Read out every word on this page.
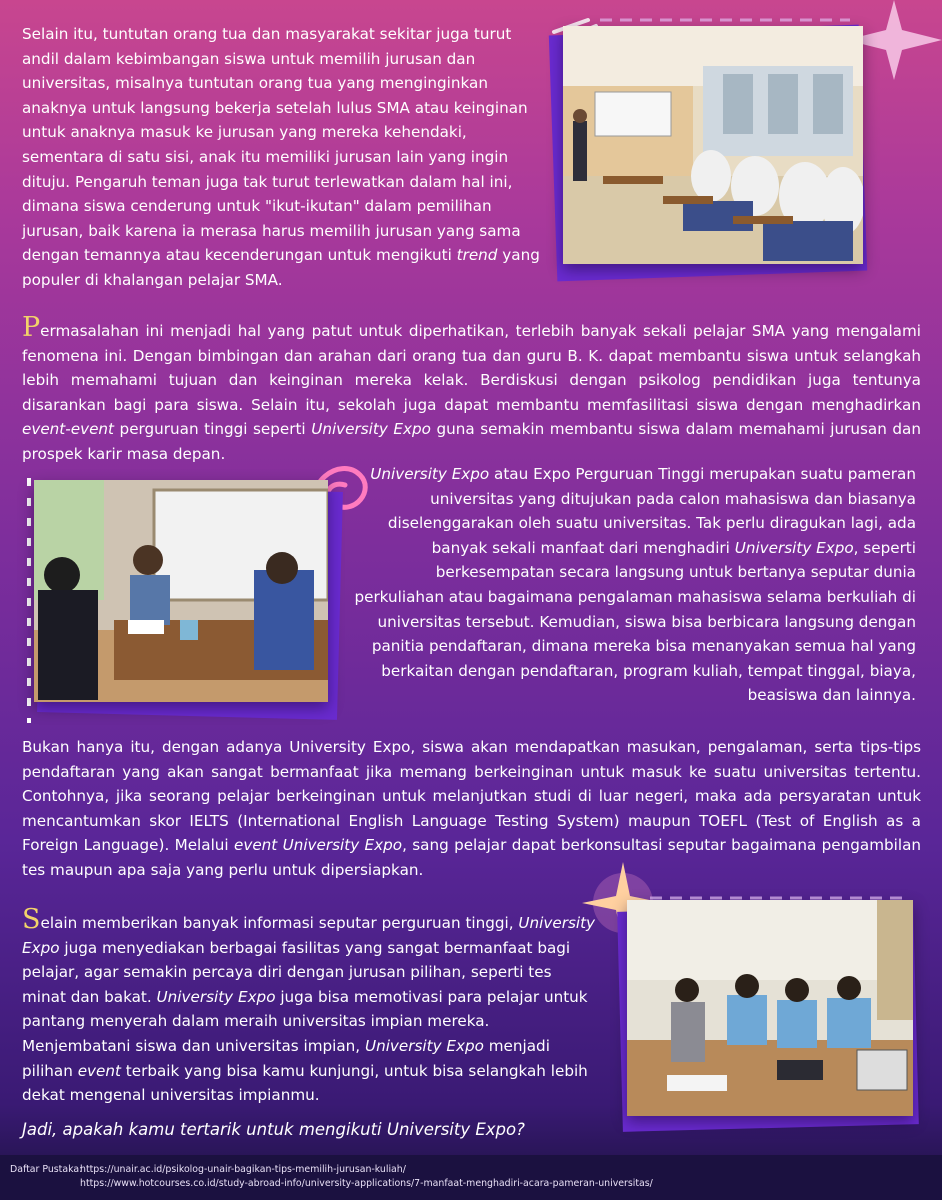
Selain itu, tuntutan orang tua dan masyarakat sekitar juga turut andil dalam kebimbangan siswa untuk memilih jurusan dan universitas, misalnya tuntutan orang tua yang menginginkan anaknya untuk langsung bekerja setelah lulus SMA atau keinginan untuk anaknya masuk ke jurusan yang mereka kehendaki, sementara di satu sisi, anak itu memiliki jurusan lain yang ingin dituju. Pengaruh teman juga tak turut terlewatkan dalam hal ini, dimana siswa cenderung untuk "ikut-ikutan" dalam pemilihan jurusan, baik karena ia merasa harus memilih jurusan yang sama dengan temannya atau kecenderungan untuk mengikuti trend yang populer di khalangan pelajar SMA.

Permasalahan ini menjadi hal yang patut untuk diperhatikan, terlebih banyak sekali pelajar SMA yang mengalami fenomena ini. Dengan bimbingan dan arahan dari orang tua dan guru B. K. dapat membantu siswa untuk selangkah lebih memahami tujuan dan keinginan mereka kelak. Berdiskusi dengan psikolog pendidikan juga tentunya disarankan bagi para siswa. Selain itu, sekolah juga dapat membantu memfasilitasi siswa dengan menghadirkan event-event perguruan tinggi seperti University Expo guna semakin membantu siswa dalam memahami jurusan dan prospek karir masa depan.

University Expo atau Expo Perguruan Tinggi merupakan suatu pameran universitas yang ditujukan pada calon mahasiswa dan biasanya diselenggarakan oleh suatu universitas. Tak perlu diragukan lagi, ada banyak sekali manfaat dari menghadiri University Expo, seperti berkesempatan secara langsung untuk bertanya seputar dunia perkuliahan atau bagaimana pengalaman mahasiswa selama berkuliah di universitas tersebut. Kemudian, siswa bisa berbicara langsung dengan panitia pendaftaran, dimana mereka bisa menanyakan semua hal yang berkaitan dengan pendaftaran, program kuliah, tempat tinggal, biaya, beasiswa dan lainnya.

Bukan hanya itu, dengan adanya University Expo, siswa akan mendapatkan masukan, pengalaman, serta tips-tips pendaftaran yang akan sangat bermanfaat jika memang berkeinginan untuk masuk ke suatu universitas tertentu. Contohnya, jika seorang pelajar berkeinginan untuk melanjutkan studi di luar negeri, maka ada persyaratan untuk mencantumkan skor IELTS (International English Language Testing System) maupun TOEFL (Test of English as a Foreign Language). Melalui event University Expo, sang pelajar dapat berkonsultasi seputar bagaimana pengambilan tes maupun apa saja yang perlu untuk dipersiapkan.

Selain memberikan banyak informasi seputar perguruan tinggi, University Expo juga menyediakan berbagai fasilitas yang sangat bermanfaat bagi pelajar, agar semakin percaya diri dengan jurusan pilihan, seperti tes minat dan bakat. University Expo juga bisa memotivasi para pelajar untuk pantang menyerah dalam meraih universitas impian mereka. Menjembatani siswa dan universitas impian, University Expo menjadi pilihan event terbaik yang bisa kamu kunjungi, untuk bisa selangkah lebih dekat mengenal universitas impianmu.

Jadi, apakah kamu tertarik untuk mengikuti University Expo?

Daftar Pustaka:
https://unair.ac.id/psikolog-unair-bagikan-tips-memilih-jurusan-kuliah/
https://www.hotcourses.co.id/study-abroad-info/university-applications/7-manfaat-menghadiri-acara-pameran-universitas/
